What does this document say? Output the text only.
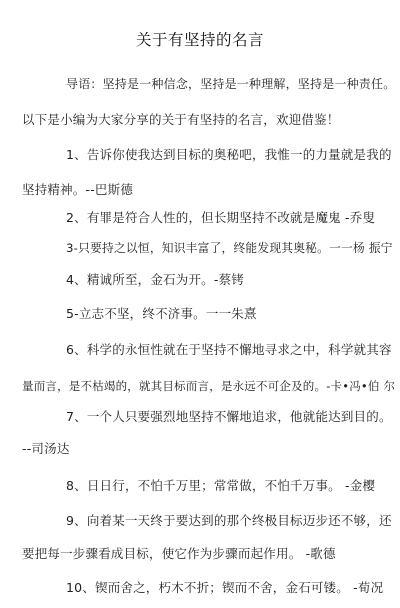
关于有坚持的名言
导语：坚持是一种信念，坚持是一种理解，坚持是一种责任。
以下是小编为大家分享的关于有坚持的名言，欢迎借鉴！
1、告诉你使我达到目标的奥秘吧，我惟一的力量就是我的
坚持精神。--巴斯德
2、有罪是符合人性的，但长期坚持不改就是魔鬼 -乔叟
3-只要持之以恒，知识丰富了，终能发现其奥秘。一一杨 振宁
4、精诚所至，金石为开。-蔡铐
5-立志不坚，终不济事。一一朱熹
6、科学的永恒性就在于坚持不懈地寻求之中，科学就其容
量而言，是不枯竭的，就其目标而言，是永远不可企及的。-卡•冯•伯 尔
7、一个人只要强烈地坚持不懈地追求，他就能达到目的。
--司汤达
8、日日行，不怕千万里；常常做，不怕千万事。 -金樱
9、向着某一天终于要达到的那个终极目标迈步还不够，还
要把每一步骤看成目标，使它作为步骤而起作用。 -歌德
10、锲而舍之，朽木不折；锲而不舍，金石可镂。 -荀况
